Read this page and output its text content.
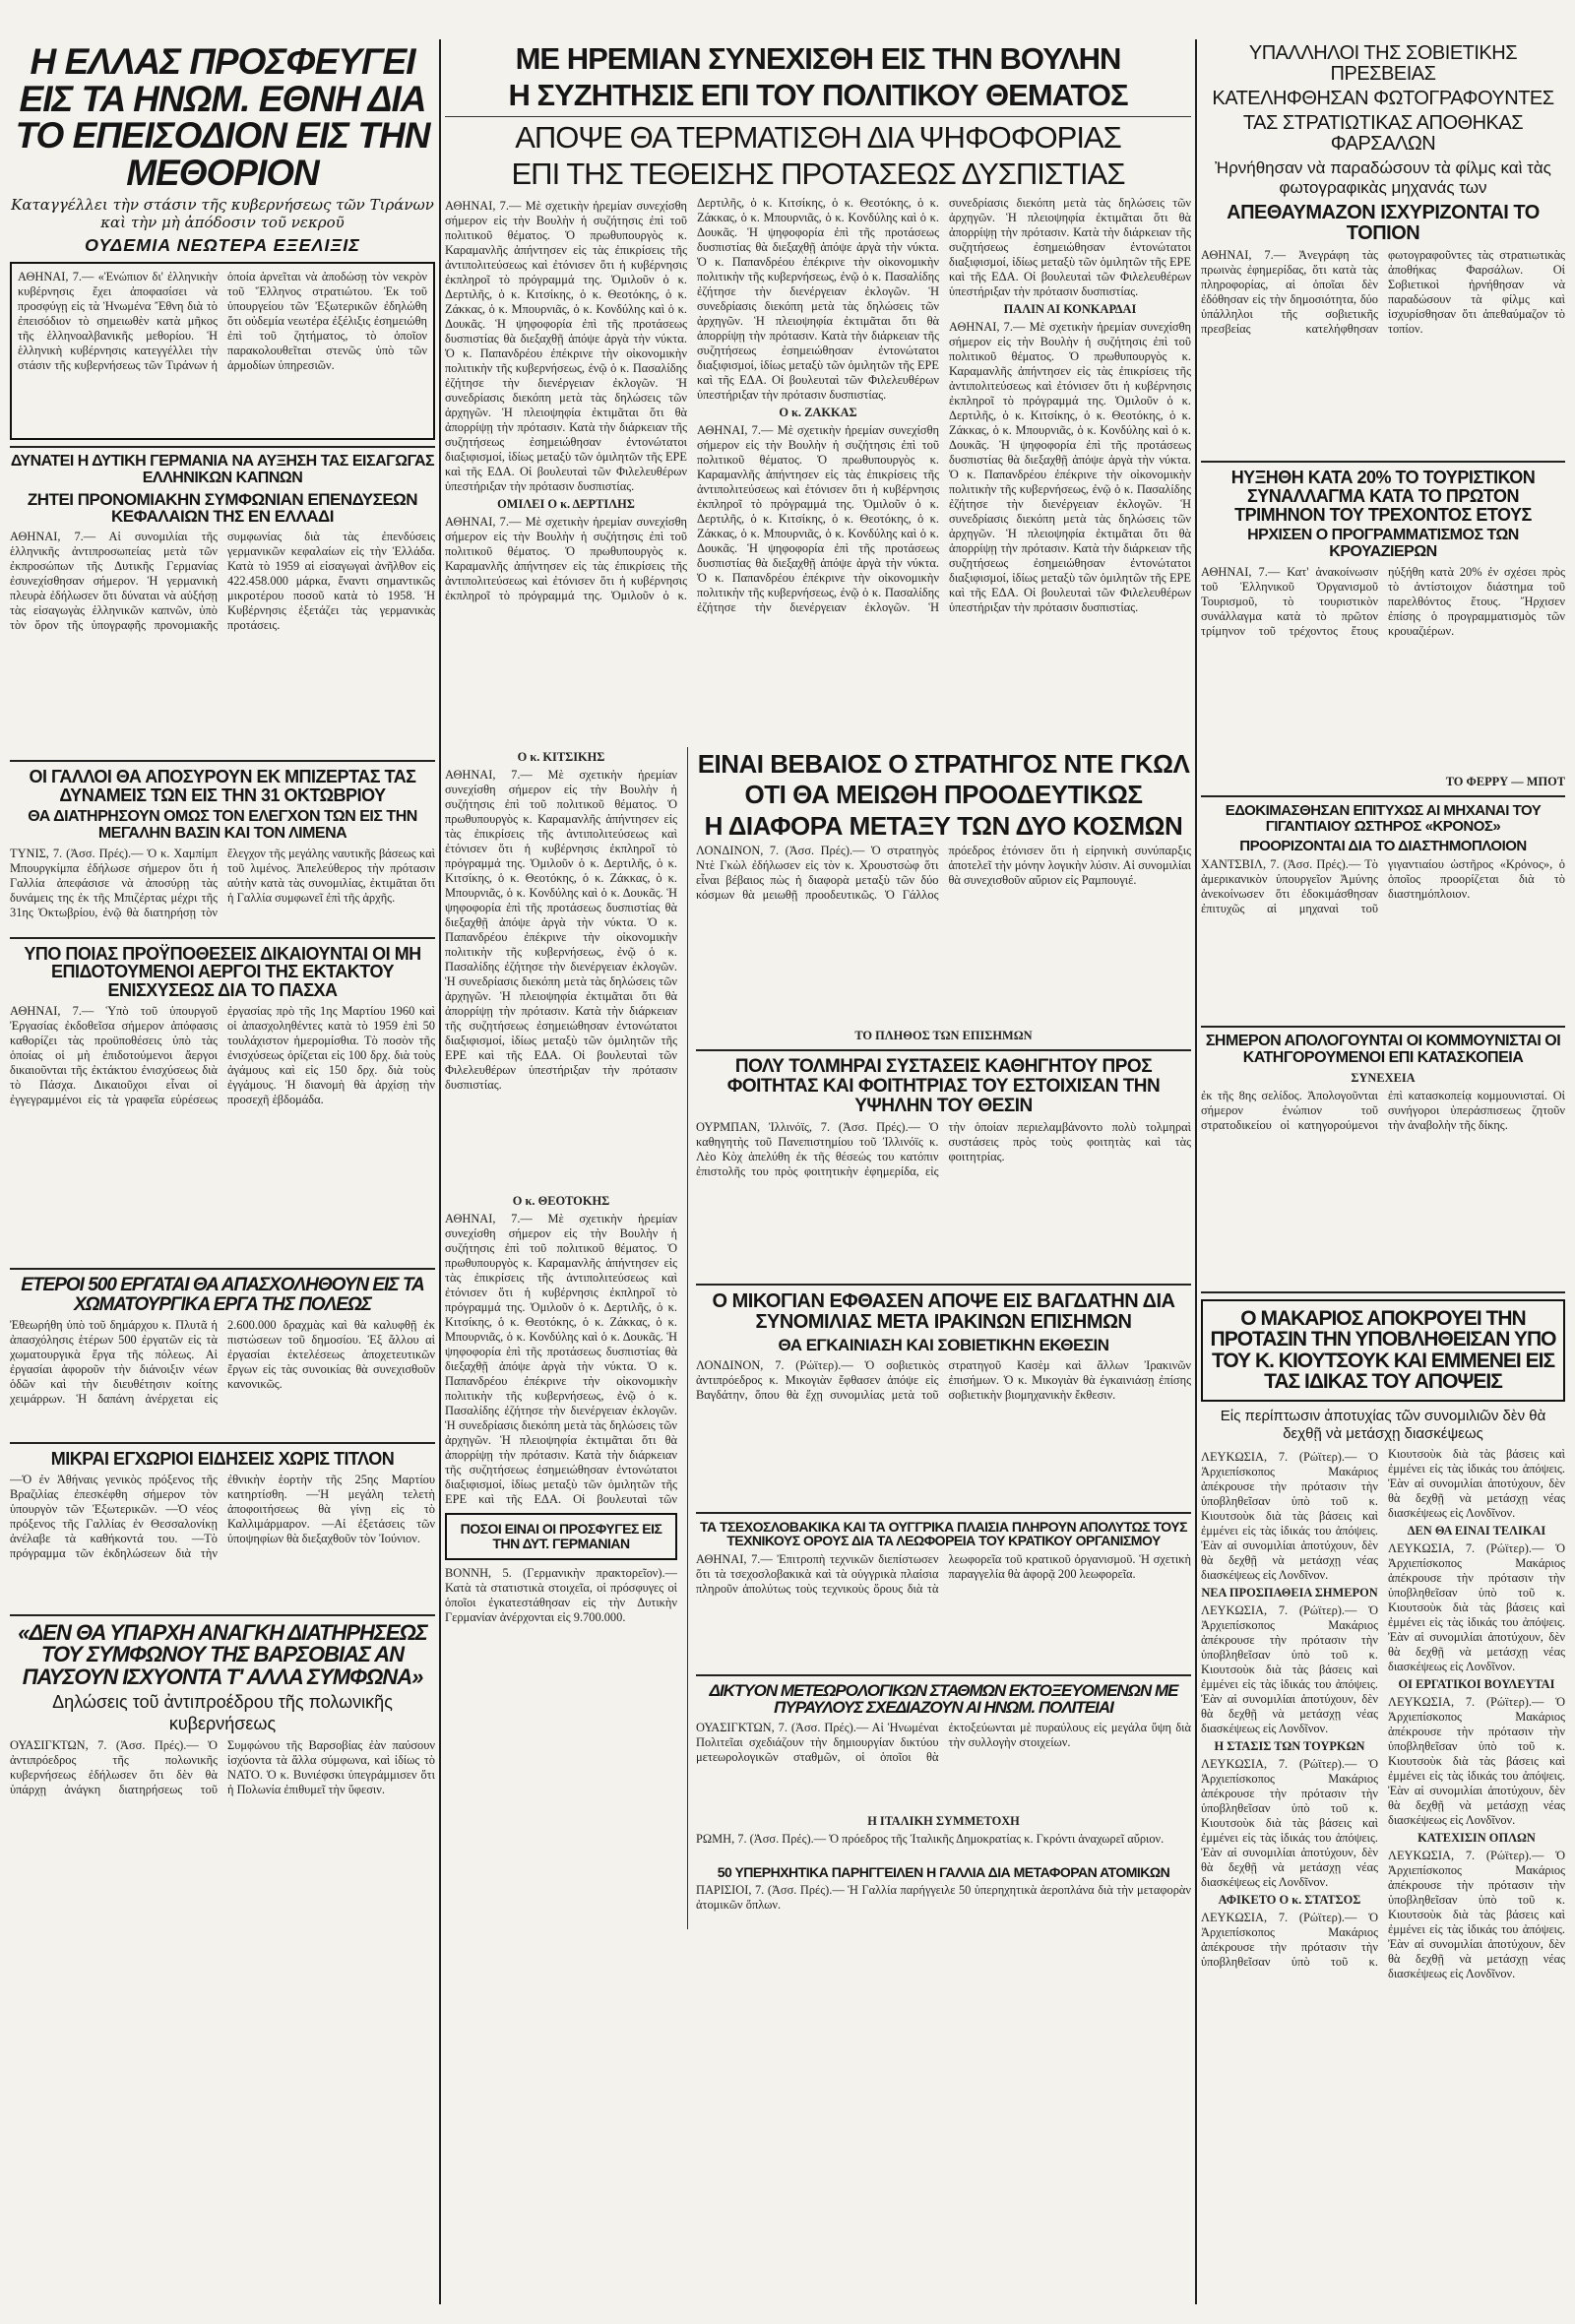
Η ΕΛΛΑΣ ΠΡΟΣΦΕΥΓΕΙ ΕΙΣ ΤΑ ΗΝΩΜ. ΕΘΝΗ ΔΙΑ ΤΟ ΕΠΕΙΣΟΔΙΟΝ ΕΙΣ ΤΗΝ ΜΕΘΟΡΙΟΝ
Καταγγέλλει τὴν στάσιν τῆς κυβερνήσεως τῶν Τιράνων καὶ τὴν μὴ ἀπόδοσιν τοῦ νεκροῦ
ΟΥΔΕΜΙΑ ΝΕΩΤΕΡΑ ΕΞΕΛΙΞΙΣ

ΑΘΗΝΑΙ, 7.— «Ἐνώπιον δι' ἐλληνικὴν κυβέρνησις ἔχει ἀποφασίσει νὰ προσφύγῃ εἰς τὰ Ἡνωμένα Ἔθνη διὰ τὸ ἐπεισόδιον τὸ σημειωθὲν κατὰ μῆκος τῆς ἑλληνοαλβανικῆς μεθορίου. Ἡ ἑλληνικὴ κυβέρνησις κατεγγέλλει τὴν στάσιν τῆς κυβερνήσεως τῶν Τιράνων ἡ ὁποία ἀρνεῖται νὰ ἀποδώσῃ τὸν νεκρὸν τοῦ Ἕλληνος στρατιώτου. Ἐκ τοῦ ὑπουργείου τῶν Ἐξωτερικῶν ἐδηλώθη ὅτι οὐδεμία νεωτέρα ἐξέλιξις ἐσημειώθη ἐπὶ τοῦ ζητήματος, τὸ ὁποῖον παρακολουθεῖται στενῶς ὑπὸ τῶν ἁρμοδίων ὑπηρεσιῶν.

ΔΥΝΑΤΕΙ Η ΔΥΤΙΚΗ ΓΕΡΜΑΝΙΑ ΝΑ ΑΥΞΗΣΗ ΤΑΣ ΕΙΣΑΓΩΓΑΣ ΕΛΛΗΝΙΚΩΝ ΚΑΠΝΩΝ
ΖΗΤΕΙ ΠΡΟΝΟΜΙΑΚΗΝ ΣΥΜΦΩΝΙΑΝ ΕΠΕΝΔΥΣΕΩΝ ΚΕΦΑΛΑΙΩΝ ΤΗΣ ΕΝ ΕΛΛΑΔΙ

ΑΘΗΝΑΙ, 7.— Αἱ συνομιλίαι τῆς ἑλληνικῆς ἀντιπροσωπείας μετὰ τῶν ἐκπροσώπων τῆς Δυτικῆς Γερμανίας ἐσυνεχίσθησαν σήμερον. Ἡ γερμανικὴ πλευρὰ ἐδήλωσεν ὅτι δύναται νὰ αὐξήσῃ τὰς εἰσαγωγὰς ἑλληνικῶν καπνῶν, ὑπὸ τὸν ὅρον τῆς ὑπογραφῆς προνομιακῆς συμφωνίας διὰ τὰς ἐπενδύσεις γερμανικῶν κεφαλαίων εἰς τὴν Ἑλλάδα. Κατὰ τὸ 1959 αἱ εἰσαγωγαὶ ἀνῆλθον εἰς 422.458.000 μάρκα, ἔναντι σημαντικῶς μικροτέρου ποσοῦ κατὰ τὸ 1958. Ἡ Κυβέρνησις ἐξετάζει τὰς γερμανικὰς προτάσεις.

ΟΙ ΓΑΛΛΟΙ ΘΑ ΑΠΟΣΥΡΟΥΝ ΕΚ ΜΠΙΖΕΡΤΑΣ ΤΑΣ ΔΥΝΑΜΕΙΣ ΤΩΝ ΕΙΣ ΤΗΝ 31 ΟΚΤΩΒΡΙΟΥ
ΘΑ ΔΙΑΤΗΡΗΣΟΥΝ ΟΜΩΣ ΤΟΝ ΕΛΕΓΧΟΝ ΤΩΝ ΕΙΣ ΤΗΝ ΜΕΓΑΛΗΝ ΒΑΣΙΝ ΚΑΙ ΤΟΝ ΛΙΜΕΝΑ

ΤΥΝΙΣ, 7. (Ἀσσ. Πρές).— Ὁ κ. Χαμπίμπ Μπουργκίμπα ἐδήλωσε σήμερον ὅτι ἡ Γαλλία ἀπεφάσισε νὰ ἀποσύρῃ τὰς δυνάμεις της ἐκ τῆς Μπιζέρτας μέχρι τῆς 31ης Ὀκτωβρίου, ἐνῷ θὰ διατηρήσῃ τὸν ἔλεγχον τῆς μεγάλης ναυτικῆς βάσεως καὶ τοῦ λιμένος. Ἀπελεύθερος τὴν πρότασιν αὐτὴν κατὰ τὰς συνομιλίας, ἐκτιμᾶται ὅτι ἡ Γαλλία συμφωνεῖ ἐπὶ τῆς ἀρχῆς.

ΥΠΟ ΠΟΙΑΣ ΠΡΟΫΠΟΘΕΣΕΙΣ ΔΙΚΑΙΟΥΝΤΑΙ ΟΙ ΜΗ ΕΠΙΔΟΤΟΥΜΕΝΟΙ ΑΕΡΓΟΙ ΤΗΣ ΕΚΤΑΚΤΟΥ ΕΝΙΣΧΥΣΕΩΣ ΔΙΑ ΤΟ ΠΑΣΧΑ

ΑΘΗΝΑΙ, 7.— Ὑπὸ τοῦ ὑπουργοῦ Ἐργασίας ἐκδοθεῖσα σήμερον ἀπόφασις καθορίζει τὰς προϋποθέσεις ὑπὸ τὰς ὁποίας οἱ μὴ ἐπιδοτούμενοι ἄεργοι δικαιοῦνται τῆς ἐκτάκτου ἐνισχύσεως διὰ τὸ Πάσχα. Δικαιοῦχοι εἶναι οἱ ἐγγεγραμμένοι εἰς τὰ γραφεῖα εὑρέσεως ἐργασίας πρὸ τῆς 1ης Μαρτίου 1960 καὶ οἱ ἀπασχοληθέντες κατὰ τὸ 1959 ἐπὶ 50 τουλάχιστον ἡμερομίσθια. Τὸ ποσὸν τῆς ἐνισχύσεως ὁρίζεται εἰς 100 δρχ. διὰ τοὺς ἀγάμους καὶ εἰς 150 δρχ. διὰ τοὺς ἐγγάμους. Ἡ διανομὴ θὰ ἀρχίσῃ τὴν προσεχῆ ἑβδομάδα.

ΕΤΕΡΟΙ 500 ΕΡΓΑΤΑΙ ΘΑ ΑΠΑΣΧΟΛΗΘΟΥΝ ΕΙΣ ΤΑ ΧΩΜΑΤΟΥΡΓΙΚΑ ΕΡΓΑ ΤΗΣ ΠΟΛΕΩΣ

Ἐθεωρήθη ὑπὸ τοῦ δημάρχου κ. Πλυτᾶ ἡ ἀπασχόλησις ἑτέρων 500 ἐργατῶν εἰς τὰ χωματουργικὰ ἔργα τῆς πόλεως. Αἱ ἐργασίαι ἀφοροῦν τὴν διάνοιξιν νέων ὁδῶν καὶ τὴν διευθέτησιν κοίτης χειμάρρων. Ἡ δαπάνη ἀνέρχεται εἰς 2.600.000 δραχμὰς καὶ θὰ καλυφθῇ ἐκ πιστώσεων τοῦ δημοσίου. Ἐξ ἄλλου αἱ ἐργασίαι ἐκτελέσεως ἀποχετευτικῶν ἔργων εἰς τὰς συνοικίας θὰ συνεχισθοῦν κανονικῶς.

ΜΙΚΡΑΙ ΕΓΧΩΡΙΟΙ ΕΙΔΗΣΕΙΣ ΧΩΡΙΣ ΤΙΤΛΟΝ

—Ὁ ἐν Ἀθήναις γενικὸς πρόξενος τῆς Βραζιλίας ἐπεσκέφθη σήμερον τὸν ὑπουργὸν τῶν Ἐξωτερικῶν. —Ὁ νέος πρόξενος τῆς Γαλλίας ἐν Θεσσαλονίκῃ ἀνέλαβε τὰ καθήκοντά του. —Τὸ πρόγραμμα τῶν ἐκδηλώσεων διὰ τὴν ἐθνικὴν ἑορτὴν τῆς 25ης Μαρτίου κατηρτίσθη. —Ἡ μεγάλη τελετὴ ἀποφοιτήσεως θὰ γίνῃ εἰς τὸ Καλλιμάρμαρον. —Αἱ ἐξετάσεις τῶν ὑποψηφίων θὰ διεξαχθοῦν τὸν Ἰούνιον.

«ΔΕΝ ΘΑ ΥΠΑΡΧΗ ΑΝΑΓΚΗ ΔΙΑΤΗΡΗΣΕΩΣ ΤΟΥ ΣΥΜΦΩΝΟΥ ΤΗΣ ΒΑΡΣΟΒΙΑΣ ΑΝ ΠΑΥΣΟΥΝ ΙΣΧΥΟΝΤΑ Τ' ΑΛΛΑ ΣΥΜΦΩΝΑ»
Δηλώσεις τοῦ ἀντιπροέδρου τῆς πολωνικῆς κυβερνήσεως

ΟΥΑΣΙΓΚΤΩΝ, 7. (Ἀσσ. Πρές).— Ὁ ἀντιπρόεδρος τῆς πολωνικῆς κυβερνήσεως ἐδήλωσεν ὅτι δὲν θὰ ὑπάρχῃ ἀνάγκη διατηρήσεως τοῦ Συμφώνου τῆς Βαρσοβίας ἐὰν παύσουν ἰσχύοντα τὰ ἄλλα σύμφωνα, καὶ ἰδίως τὸ ΝΑΤΟ. Ὁ κ. Βυνιέφσκι ὑπεγράμμισεν ὅτι ἡ Πολωνία ἐπιθυμεῖ τὴν ὕφεσιν.

ΜΕ ΗΡΕΜΙΑΝ ΣΥΝΕΧΙΣΘΗ ΕΙΣ ΤΗΝ ΒΟΥΛΗΝ
Η ΣΥΖΗΤΗΣΙΣ ΕΠΙ ΤΟΥ ΠΟΛΙΤΙΚΟΥ ΘΕΜΑΤΟΣ
ΑΠΟΨΕ ΘΑ ΤΕΡΜΑΤΙΣΘΗ ΔΙΑ ΨΗΦΟΦΟΡΙΑΣ
ΕΠΙ ΤΗΣ ΤΕΘΕΙΣΗΣ ΠΡΟΤΑΣΕΩΣ ΔΥΣΠΙΣΤΙΑΣ

ΑΘΗΝΑΙ, 7.— Μὲ σχετικὴν ἠρεμίαν συνεχίσθη σήμερον εἰς τὴν Βουλὴν ἡ συζήτησις ἐπὶ τοῦ πολιτικοῦ θέματος. Ὁ πρωθυπουργὸς κ. Καραμανλῆς ἀπήντησεν εἰς τὰς ἐπικρίσεις τῆς ἀντιπολιτεύσεως καὶ ἐτόνισεν ὅτι ἡ κυβέρνησις ἐκπληροῖ τὸ πρόγραμμά της. Ὁμιλοῦν ὁ κ. Δερτιλῆς, ὁ κ. Κιτσίκης, ὁ κ. Θεοτόκης, ὁ κ. Ζάκκας, ὁ κ. Μπουρνιᾶς, ὁ κ. Κονδύλης καὶ ὁ κ. Δουκᾶς. Ἡ ψηφοφορία ἐπὶ τῆς προτάσεως δυσπιστίας θὰ διεξαχθῇ ἀπόψε ἀργὰ τὴν νύκτα. Ὁ κ. Παπανδρέου ἐπέκρινε τὴν οἰκονομικὴν πολιτικὴν τῆς κυβερνήσεως, ἐνῷ ὁ κ. Πασαλίδης ἐζήτησε τὴν διενέργειαν ἐκλογῶν. Ἡ συνεδρίασις διεκόπη μετὰ τὰς δηλώσεις τῶν ἀρχηγῶν. Ἡ πλειοψηφία ἐκτιμᾶται ὅτι θὰ ἀπορρίψῃ τὴν πρότασιν. Κατὰ τὴν διάρκειαν τῆς συζητήσεως ἐσημειώθησαν ἐντονώτατοι διαξιφισμοί, ἰδίως μεταξὺ τῶν ὁμιλητῶν τῆς ΕΡΕ καὶ τῆς ΕΔΑ. Οἱ βουλευταὶ τῶν Φιλελευθέρων ὑπεστήριξαν τὴν πρότασιν δυσπιστίας.

ΟΜΙΛΕΙ Ο κ. ΔΕΡΤΙΛΗΣ

ΑΘΗΝΑΙ, 7.— Μὲ σχετικὴν ἠρεμίαν συνεχίσθη σήμερον εἰς τὴν Βουλὴν ἡ συζήτησις ἐπὶ τοῦ πολιτικοῦ θέματος. Ὁ πρωθυπουργὸς κ. Καραμανλῆς ἀπήντησεν εἰς τὰς ἐπικρίσεις τῆς ἀντιπολιτεύσεως καὶ ἐτόνισεν ὅτι ἡ κυβέρνησις ἐκπληροῖ τὸ πρόγραμμά της. Ὁμιλοῦν ὁ κ. Δερτιλῆς, ὁ κ. Κιτσίκης, ὁ κ. Θεοτόκης, ὁ κ. Ζάκκας, ὁ κ. Μπουρνιᾶς, ὁ κ. Κονδύλης καὶ ὁ κ. Δουκᾶς. Ἡ ψηφοφορία ἐπὶ τῆς προτάσεως δυσπιστίας θὰ διεξαχθῇ ἀπόψε ἀργὰ τὴν νύκτα. Ὁ κ. Παπανδρέου ἐπέκρινε τὴν οἰκονομικὴν πολιτικὴν τῆς κυβερνήσεως, ἐνῷ ὁ κ. Πασαλίδης ἐζήτησε τὴν διενέργειαν ἐκλογῶν. Ἡ συνεδρίασις διεκόπη μετὰ τὰς δηλώσεις τῶν ἀρχηγῶν. Ἡ πλειοψηφία ἐκτιμᾶται ὅτι θὰ ἀπορρίψῃ τὴν πρότασιν. Κατὰ τὴν διάρκειαν τῆς συζητήσεως ἐσημειώθησαν ἐντονώτατοι διαξιφισμοί, ἰδίως μεταξὺ τῶν ὁμιλητῶν τῆς ΕΡΕ καὶ τῆς ΕΔΑ. Οἱ βουλευταὶ τῶν Φιλελευθέρων ὑπεστήριξαν τὴν πρότασιν δυσπιστίας.

Ο κ. ΖΑΚΚΑΣ

ΑΘΗΝΑΙ, 7.— Μὲ σχετικὴν ἠρεμίαν συνεχίσθη σήμερον εἰς τὴν Βουλὴν ἡ συζήτησις ἐπὶ τοῦ πολιτικοῦ θέματος. Ὁ πρωθυπουργὸς κ. Καραμανλῆς ἀπήντησεν εἰς τὰς ἐπικρίσεις τῆς ἀντιπολιτεύσεως καὶ ἐτόνισεν ὅτι ἡ κυβέρνησις ἐκπληροῖ τὸ πρόγραμμά της. Ὁμιλοῦν ὁ κ. Δερτιλῆς, ὁ κ. Κιτσίκης, ὁ κ. Θεοτόκης, ὁ κ. Ζάκκας, ὁ κ. Μπουρνιᾶς, ὁ κ. Κονδύλης καὶ ὁ κ. Δουκᾶς. Ἡ ψηφοφορία ἐπὶ τῆς προτάσεως δυσπιστίας θὰ διεξαχθῇ ἀπόψε ἀργὰ τὴν νύκτα. Ὁ κ. Παπανδρέου ἐπέκρινε τὴν οἰκονομικὴν πολιτικὴν τῆς κυβερνήσεως, ἐνῷ ὁ κ. Πασαλίδης ἐζήτησε τὴν διενέργειαν ἐκλογῶν. Ἡ συνεδρίασις διεκόπη μετὰ τὰς δηλώσεις τῶν ἀρχηγῶν. Ἡ πλειοψηφία ἐκτιμᾶται ὅτι θὰ ἀπορρίψῃ τὴν πρότασιν. Κατὰ τὴν διάρκειαν τῆς συζητήσεως ἐσημειώθησαν ἐντονώτατοι διαξιφισμοί, ἰδίως μεταξὺ τῶν ὁμιλητῶν τῆς ΕΡΕ καὶ τῆς ΕΔΑ. Οἱ βουλευταὶ τῶν Φιλελευθέρων ὑπεστήριξαν τὴν πρότασιν δυσπιστίας.

ΠΑΛΙΝ ΑΙ ΚΟΝΚΑΡΔΑΙ

ΑΘΗΝΑΙ, 7.— Μὲ σχετικὴν ἠρεμίαν συνεχίσθη σήμερον εἰς τὴν Βουλὴν ἡ συζήτησις ἐπὶ τοῦ πολιτικοῦ θέματος. Ὁ πρωθυπουργὸς κ. Καραμανλῆς ἀπήντησεν εἰς τὰς ἐπικρίσεις τῆς ἀντιπολιτεύσεως καὶ ἐτόνισεν ὅτι ἡ κυβέρνησις ἐκπληροῖ τὸ πρόγραμμά της. Ὁμιλοῦν ὁ κ. Δερτιλῆς, ὁ κ. Κιτσίκης, ὁ κ. Θεοτόκης, ὁ κ. Ζάκκας, ὁ κ. Μπουρνιᾶς, ὁ κ. Κονδύλης καὶ ὁ κ. Δουκᾶς. Ἡ ψηφοφορία ἐπὶ τῆς προτάσεως δυσπιστίας θὰ διεξαχθῇ ἀπόψε ἀργὰ τὴν νύκτα. Ὁ κ. Παπανδρέου ἐπέκρινε τὴν οἰκονομικὴν πολιτικὴν τῆς κυβερνήσεως, ἐνῷ ὁ κ. Πασαλίδης ἐζήτησε τὴν διενέργειαν ἐκλογῶν. Ἡ συνεδρίασις διεκόπη μετὰ τὰς δηλώσεις τῶν ἀρχηγῶν. Ἡ πλειοψηφία ἐκτιμᾶται ὅτι θὰ ἀπορρίψῃ τὴν πρότασιν. Κατὰ τὴν διάρκειαν τῆς συζητήσεως ἐσημειώθησαν ἐντονώτατοι διαξιφισμοί, ἰδίως μεταξὺ τῶν ὁμιλητῶν τῆς ΕΡΕ καὶ τῆς ΕΔΑ. Οἱ βουλευταὶ τῶν Φιλελευθέρων ὑπεστήριξαν τὴν πρότασιν δυσπιστίας.

Ο κ. ΚΙΤΣΙΚΗΣ

ΑΘΗΝΑΙ, 7.— Μὲ σχετικὴν ἠρεμίαν συνεχίσθη σήμερον εἰς τὴν Βουλὴν ἡ συζήτησις ἐπὶ τοῦ πολιτικοῦ θέματος. Ὁ πρωθυπουργὸς κ. Καραμανλῆς ἀπήντησεν εἰς τὰς ἐπικρίσεις τῆς ἀντιπολιτεύσεως καὶ ἐτόνισεν ὅτι ἡ κυβέρνησις ἐκπληροῖ τὸ πρόγραμμά της. Ὁμιλοῦν ὁ κ. Δερτιλῆς, ὁ κ. Κιτσίκης, ὁ κ. Θεοτόκης, ὁ κ. Ζάκκας, ὁ κ. Μπουρνιᾶς, ὁ κ. Κονδύλης καὶ ὁ κ. Δουκᾶς. Ἡ ψηφοφορία ἐπὶ τῆς προτάσεως δυσπιστίας θὰ διεξαχθῇ ἀπόψε ἀργὰ τὴν νύκτα. Ὁ κ. Παπανδρέου ἐπέκρινε τὴν οἰκονομικὴν πολιτικὴν τῆς κυβερνήσεως, ἐνῷ ὁ κ. Πασαλίδης ἐζήτησε τὴν διενέργειαν ἐκλογῶν. Ἡ συνεδρίασις διεκόπη μετὰ τὰς δηλώσεις τῶν ἀρχηγῶν. Ἡ πλειοψηφία ἐκτιμᾶται ὅτι θὰ ἀπορρίψῃ τὴν πρότασιν. Κατὰ τὴν διάρκειαν τῆς συζητήσεως ἐσημειώθησαν ἐντονώτατοι διαξιφισμοί, ἰδίως μεταξὺ τῶν ὁμιλητῶν τῆς ΕΡΕ καὶ τῆς ΕΔΑ. Οἱ βουλευταὶ τῶν Φιλελευθέρων ὑπεστήριξαν τὴν πρότασιν δυσπιστίας.

Ο κ. ΘΕΟΤΟΚΗΣ

ΑΘΗΝΑΙ, 7.— Μὲ σχετικὴν ἠρεμίαν συνεχίσθη σήμερον εἰς τὴν Βουλὴν ἡ συζήτησις ἐπὶ τοῦ πολιτικοῦ θέματος. Ὁ πρωθυπουργὸς κ. Καραμανλῆς ἀπήντησεν εἰς τὰς ἐπικρίσεις τῆς ἀντιπολιτεύσεως καὶ ἐτόνισεν ὅτι ἡ κυβέρνησις ἐκπληροῖ τὸ πρόγραμμά της. Ὁμιλοῦν ὁ κ. Δερτιλῆς, ὁ κ. Κιτσίκης, ὁ κ. Θεοτόκης, ὁ κ. Ζάκκας, ὁ κ. Μπουρνιᾶς, ὁ κ. Κονδύλης καὶ ὁ κ. Δουκᾶς. Ἡ ψηφοφορία ἐπὶ τῆς προτάσεως δυσπιστίας θὰ διεξαχθῇ ἀπόψε ἀργὰ τὴν νύκτα. Ὁ κ. Παπανδρέου ἐπέκρινε τὴν οἰκονομικὴν πολιτικὴν τῆς κυβερνήσεως, ἐνῷ ὁ κ. Πασαλίδης ἐζήτησε τὴν διενέργειαν ἐκλογῶν. Ἡ συνεδρίασις διεκόπη μετὰ τὰς δηλώσεις τῶν ἀρχηγῶν. Ἡ πλειοψηφία ἐκτιμᾶται ὅτι θὰ ἀπορρίψῃ τὴν πρότασιν. Κατὰ τὴν διάρκειαν τῆς συζητήσεως ἐσημειώθησαν ἐντονώτατοι διαξιφισμοί, ἰδίως μεταξὺ τῶν ὁμιλητῶν τῆς ΕΡΕ καὶ τῆς ΕΔΑ. Οἱ βουλευταὶ τῶν

ΠΟΣΟΙ ΕΙΝΑΙ ΟΙ ΠΡΟΣΦΥΓΕΣ ΕΙΣ ΤΗΝ ΔΥΤ. ΓΕΡΜΑΝΙΑΝ

ΒΟΝΝΗ, 5. (Γερμανικὴν πρακτορεῖον).— Κατὰ τὰ στατιστικὰ στοιχεῖα, οἱ πρόσφυγες οἱ ὁποῖοι ἐγκατεστάθησαν εἰς τὴν Δυτικὴν Γερμανίαν ἀνέρχονται εἰς 9.700.000.

ΕΙΝΑΙ ΒΕΒΑΙΟΣ Ο ΣΤΡΑΤΗΓΟΣ ΝΤΕ ΓΚΩΛ
ΟΤΙ ΘΑ ΜΕΙΩΘΗ ΠΡΟΟΔΕΥΤΙΚΩΣ
Η ΔΙΑΦΟΡΑ ΜΕΤΑΞΥ ΤΩΝ ΔΥΟ ΚΟΣΜΩΝ

ΛΟΝΔΙΝΟΝ, 7. (Ἀσσ. Πρές).— Ὁ στρατηγὸς Ντὲ Γκὼλ ἐδήλωσεν εἰς τὸν κ. Χρουστσὼφ ὅτι εἶναι βέβαιος πὼς ἡ διαφορὰ μεταξὺ τῶν δύο κόσμων θὰ μειωθῇ προοδευτικῶς. Ὁ Γάλλος πρόεδρος ἐτόνισεν ὅτι ἡ εἰρηνικὴ συνύπαρξις ἀποτελεῖ τὴν μόνην λογικὴν λύσιν. Αἱ συνομιλίαι θὰ συνεχισθοῦν αὔριον εἰς Ραμπουγιέ.

ΤΟ ΠΛΗΘΟΣ ΤΩΝ ΕΠΙΣΗΜΩΝ

ΠΟΛΥ ΤΟΛΜΗΡΑΙ ΣΥΣΤΑΣΕΙΣ ΚΑΘΗΓΗΤΟΥ ΠΡΟΣ ΦΟΙΤΗΤΑΣ ΚΑΙ ΦΟΙΤΗΤΡΙΑΣ ΤΟΥ ΕΣΤΟΙΧΙΣΑΝ ΤΗΝ ΥΨΗΛΗΝ ΤΟΥ ΘΕΣΙΝ

ΟΥΡΜΠΑΝ, Ἰλλινόϊς, 7. (Ἀσσ. Πρές).— Ὁ καθηγητὴς τοῦ Πανεπιστημίου τοῦ Ἰλλινόϊς κ. Λὲο Κὸχ ἀπελύθη ἐκ τῆς θέσεώς του κατόπιν ἐπιστολῆς του πρὸς φοιτητικὴν ἐφημερίδα, εἰς τὴν ὁποίαν περιελαμβάνοντο πολὺ τολμηραὶ συστάσεις πρὸς τοὺς φοιτητὰς καὶ τὰς φοιτητρίας.

Ο ΜΙΚΟΓΙΑΝ ΕΦΘΑΣΕΝ ΑΠΟΨΕ ΕΙΣ ΒΑΓΔΑΤΗΝ ΔΙΑ ΣΥΝΟΜΙΛΙΑΣ ΜΕΤΑ ΙΡΑΚΙΝΩΝ ΕΠΙΣΗΜΩΝ
ΘΑ ΕΓΚΑΙΝΙΑΣΗ ΚΑΙ ΣΟΒΙΕΤΙΚΗΝ ΕΚΘΕΣΙΝ

ΛΟΝΔΙΝΟΝ, 7. (Ρώϊτερ).— Ὁ σοβιετικὸς ἀντιπρόεδρος κ. Μικογιὰν ἔφθασεν ἀπόψε εἰς Βαγδάτην, ὅπου θὰ ἔχῃ συνομιλίας μετὰ τοῦ στρατηγοῦ Κασὲμ καὶ ἄλλων Ἰρακινῶν ἐπισήμων. Ὁ κ. Μικογιὰν θὰ ἐγκαινιάσῃ ἐπίσης σοβιετικὴν βιομηχανικὴν ἔκθεσιν.

ΤΑ ΤΣΕΧΟΣΛΟΒΑΚΙΚΑ ΚΑΙ ΤΑ ΟΥΓΓΡΙΚΑ ΠΛΑΙΣΙΑ ΠΛΗΡΟΥΝ ΑΠΟΛΥΤΩΣ ΤΟΥΣ ΤΕΧΝΙΚΟΥΣ ΟΡΟΥΣ ΔΙΑ ΤΑ ΛΕΩΦΟΡΕΙΑ ΤΟΥ ΚΡΑΤΙΚΟΥ ΟΡΓΑΝΙΣΜΟΥ

ΑΘΗΝΑΙ, 7.— Ἐπιτροπὴ τεχνικῶν διεπίστωσεν ὅτι τὰ τσεχοσλοβακικὰ καὶ τὰ οὑγγρικὰ πλαίσια πληροῦν ἀπολύτως τοὺς τεχνικοὺς ὅρους διὰ τὰ λεωφορεῖα τοῦ κρατικοῦ ὀργανισμοῦ. Ἡ σχετικὴ παραγγελία θὰ ἀφορᾷ 200 λεωφορεῖα.

ΔΙΚΤΥΟΝ ΜΕΤΕΩΡΟΛΟΓΙΚΩΝ ΣΤΑΘΜΩΝ ΕΚΤΟΞΕΥΟΜΕΝΩΝ ΜΕ ΠΥΡΑΥΛΟΥΣ ΣΧΕΔΙΑΖΟΥΝ ΑΙ ΗΝΩΜ. ΠΟΛΙΤΕΙΑΙ

ΟΥΑΣΙΓΚΤΩΝ, 7. (Ἀσσ. Πρές).— Αἱ Ἡνωμέναι Πολιτεῖαι σχεδιάζουν τὴν δημιουργίαν δικτύου μετεωρολογικῶν σταθμῶν, οἱ ὁποῖοι θὰ ἐκτοξεύωνται μὲ πυραύλους εἰς μεγάλα ὕψη διὰ τὴν συλλογὴν στοιχείων.

Η ΙΤΑΛΙΚΗ ΣΥΜΜΕΤΟΧΗ

ΡΩΜΗ, 7. (Ἀσσ. Πρές).— Ὁ πρόεδρος τῆς Ἰταλικῆς Δημοκρατίας κ. Γκρόντι ἀναχωρεῖ αὔριον.

50 ΥΠΕΡΗΧΗΤΙΚΑ ΠΑΡΗΓΓΕΙΛΕΝ Η ΓΑΛΛΙΑ ΔΙΑ ΜΕΤΑΦΟΡΑΝ ΑΤΟΜΙΚΩΝ

ΠΑΡΙΣΙΟΙ, 7. (Ἀσσ. Πρές).— Ἡ Γαλλία παρήγγειλε 50 ὑπερηχητικὰ ἀεροπλάνα διὰ τὴν μεταφορὰν ἀτομικῶν ὅπλων.

ΥΠΑΛΛΗΛΟΙ ΤΗΣ ΣΟΒΙΕΤΙΚΗΣ ΠΡΕΣΒΕΙΑΣ
ΚΑΤΕΛΗΦΘΗΣΑΝ ΦΩΤΟΓΡΑΦΟΥΝΤΕΣ
ΤΑΣ ΣΤΡΑΤΙΩΤΙΚΑΣ ΑΠΟΘΗΚΑΣ ΦΑΡΣΑΛΩΝ
Ἠρνήθησαν νὰ παραδώσουν τὰ φίλμς καὶ τὰς φωτογραφικὰς μηχανάς των
ΑΠΕΘΑΥΜΑΖΟΝ ΙΣΧΥΡΙΖΟΝΤΑΙ ΤΟ ΤΟΠΙΟΝ

ΑΘΗΝΑΙ, 7.— Ἀνεγράφη τὰς πρωινὰς ἐφημερίδας, ὅτι κατὰ τὰς πληροφορίας, αἱ ὁποῖαι δὲν ἐδόθησαν εἰς τὴν δημοσιότητα, δύο ὑπάλληλοι τῆς σοβιετικῆς πρεσβείας κατελήφθησαν φωτογραφοῦντες τὰς στρατιωτικὰς ἀποθήκας Φαρσάλων. Οἱ Σοβιετικοὶ ἠρνήθησαν νὰ παραδώσουν τὰ φίλμς καὶ ἰσχυρίσθησαν ὅτι ἀπεθαύμαζον τὸ τοπίον.

ΗΥΞΗΘΗ ΚΑΤΑ 20% ΤΟ ΤΟΥΡΙΣΤΙΚΟΝ ΣΥΝΑΛΛΑΓΜΑ ΚΑΤΑ ΤΟ ΠΡΩΤΟΝ ΤΡΙΜΗΝΟΝ ΤΟΥ ΤΡΕΧΟΝΤΟΣ ΕΤΟΥΣ
ΗΡΧΙΣΕΝ Ο ΠΡΟΓΡΑΜΜΑΤΙΣΜΟΣ ΤΩΝ ΚΡΟΥΑΖΙΕΡΩΝ

ΑΘΗΝΑΙ, 7.— Κατ' ἀνακοίνωσιν τοῦ Ἑλληνικοῦ Ὀργανισμοῦ Τουρισμοῦ, τὸ τουριστικὸν συνάλλαγμα κατὰ τὸ πρῶτον τρίμηνον τοῦ τρέχοντος ἔτους ηὐξήθη κατὰ 20% ἐν σχέσει πρὸς τὸ ἀντίστοιχον διάστημα τοῦ παρελθόντος ἔτους. Ἤρχισεν ἐπίσης ὁ προγραμματισμὸς τῶν κρουαζιέρων.

ΤΟ ΦΕΡΡΥ — ΜΠΟΤ

ΕΔΟΚΙΜΑΣΘΗΣΑΝ ΕΠΙΤΥΧΩΣ ΑΙ ΜΗΧΑΝΑΙ ΤΟΥ ΓΙΓΑΝΤΙΑΙΟΥ ΩΣΤΗΡΟΣ «ΚΡΟΝΟΣ»
ΠΡΟΟΡΙΖΟΝΤΑΙ ΔΙΑ ΤΟ ΔΙΑΣΤΗΜΟΠΛΟΙΟΝ

ΧΑΝΤΣΒΙΛ, 7. (Ἀσσ. Πρές).— Τὸ ἀμερικανικὸν ὑπουργεῖον Ἀμύνης ἀνεκοίνωσεν ὅτι ἐδοκιμάσθησαν ἐπιτυχῶς αἱ μηχαναὶ τοῦ γιγαντιαίου ὠστῆρος «Κρόνος», ὁ ὁποῖος προορίζεται διὰ τὸ διαστημόπλοιον.

ΣΗΜΕΡΟΝ ΑΠΟΛΟΓΟΥΝΤΑΙ ΟΙ ΚΟΜΜΟΥΝΙΣΤΑΙ ΟΙ ΚΑΤΗΓΟΡΟΥΜΕΝΟΙ ΕΠΙ ΚΑΤΑΣΚΟΠΕΙΑ

ΣΥΝΕΧΕΙΑ

ἐκ τῆς 8ης σελίδος. Ἀπολογοῦνται σήμερον ἐνώπιον τοῦ στρατοδικείου οἱ κατηγορούμενοι ἐπὶ κατασκοπείᾳ κομμουνισταί. Οἱ συνήγοροι ὑπεράσπισεως ζητοῦν τὴν ἀναβολὴν τῆς δίκης.

Ο ΜΑΚΑΡΙΟΣ ΑΠΟΚΡΟΥΕΙ ΤΗΝ ΠΡΟΤΑΣΙΝ ΤΗΝ ΥΠΟΒΛΗΘΕΙΣΑΝ ΥΠΟ ΤΟΥ Κ. ΚΙΟΥΤΣΟΥΚ ΚΑΙ ΕΜΜΕΝΕΙ ΕΙΣ ΤΑΣ ΙΔΙΚΑΣ ΤΟΥ ΑΠΟΨΕΙΣ
Εἰς περίπτωσιν ἀποτυχίας τῶν συνομιλιῶν δὲν θὰ δεχθῇ νὰ μετάσχῃ διασκέψεως

ΛΕΥΚΩΣΙΑ, 7. (Ρώϊτερ).— Ὁ Ἀρχιεπίσκοπος Μακάριος ἀπέκρουσε τὴν πρότασιν τὴν ὑποβληθεῖσαν ὑπὸ τοῦ κ. Κιουτσοὺκ διὰ τὰς βάσεις καὶ ἐμμένει εἰς τὰς ἰδικάς του ἀπόψεις. Ἐὰν αἱ συνομιλίαι ἀποτύχουν, δὲν θὰ δεχθῇ νὰ μετάσχῃ νέας διασκέψεως εἰς Λονδῖνον.

ΝΕΑ ΠΡΟΣΠΑΘΕΙΑ ΣΗΜΕΡΟΝ

ΛΕΥΚΩΣΙΑ, 7. (Ρώϊτερ).— Ὁ Ἀρχιεπίσκοπος Μακάριος ἀπέκρουσε τὴν πρότασιν τὴν ὑποβληθεῖσαν ὑπὸ τοῦ κ. Κιουτσοὺκ διὰ τὰς βάσεις καὶ ἐμμένει εἰς τὰς ἰδικάς του ἀπόψεις. Ἐὰν αἱ συνομιλίαι ἀποτύχουν, δὲν θὰ δεχθῇ νὰ μετάσχῃ νέας διασκέψεως εἰς Λονδῖνον.

Η ΣΤΑΣΙΣ ΤΩΝ ΤΟΥΡΚΩΝ

ΛΕΥΚΩΣΙΑ, 7. (Ρώϊτερ).— Ὁ Ἀρχιεπίσκοπος Μακάριος ἀπέκρουσε τὴν πρότασιν τὴν ὑποβληθεῖσαν ὑπὸ τοῦ κ. Κιουτσοὺκ διὰ τὰς βάσεις καὶ ἐμμένει εἰς τὰς ἰδικάς του ἀπόψεις. Ἐὰν αἱ συνομιλίαι ἀποτύχουν, δὲν θὰ δεχθῇ νὰ μετάσχῃ νέας διασκέψεως εἰς Λονδῖνον.

ΑΦΙΚΕΤΟ Ο κ. ΣΤΑΤΣΟΣ

ΛΕΥΚΩΣΙΑ, 7. (Ρώϊτερ).— Ὁ Ἀρχιεπίσκοπος Μακάριος ἀπέκρουσε τὴν πρότασιν τὴν ὑποβληθεῖσαν ὑπὸ τοῦ κ. Κιουτσοὺκ διὰ τὰς βάσεις καὶ ἐμμένει εἰς τὰς ἰδικάς του ἀπόψεις. Ἐὰν αἱ συνομιλίαι ἀποτύχουν, δὲν θὰ δεχθῇ νὰ μετάσχῃ νέας διασκέψεως εἰς Λονδῖνον.

ΔΕΝ ΘΑ ΕΙΝΑΙ ΤΕΛΙΚΑΙ

ΛΕΥΚΩΣΙΑ, 7. (Ρώϊτερ).— Ὁ Ἀρχιεπίσκοπος Μακάριος ἀπέκρουσε τὴν πρότασιν τὴν ὑποβληθεῖσαν ὑπὸ τοῦ κ. Κιουτσοὺκ διὰ τὰς βάσεις καὶ ἐμμένει εἰς τὰς ἰδικάς του ἀπόψεις. Ἐὰν αἱ συνομιλίαι ἀποτύχουν, δὲν θὰ δεχθῇ νὰ μετάσχῃ νέας διασκέψεως εἰς Λονδῖνον.

ΟΙ ΕΡΓΑΤΙΚΟΙ ΒΟΥΛΕΥΤΑΙ

ΛΕΥΚΩΣΙΑ, 7. (Ρώϊτερ).— Ὁ Ἀρχιεπίσκοπος Μακάριος ἀπέκρουσε τὴν πρότασιν τὴν ὑποβληθεῖσαν ὑπὸ τοῦ κ. Κιουτσοὺκ διὰ τὰς βάσεις καὶ ἐμμένει εἰς τὰς ἰδικάς του ἀπόψεις. Ἐὰν αἱ συνομιλίαι ἀποτύχουν, δὲν θὰ δεχθῇ νὰ μετάσχῃ νέας διασκέψεως εἰς Λονδῖνον.

ΚΑΤΕΧΙΣΙΝ ΟΠΛΩΝ

ΛΕΥΚΩΣΙΑ, 7. (Ρώϊτερ).— Ὁ Ἀρχιεπίσκοπος Μακάριος ἀπέκρουσε τὴν πρότασιν τὴν ὑποβληθεῖσαν ὑπὸ τοῦ κ. Κιουτσοὺκ διὰ τὰς βάσεις καὶ ἐμμένει εἰς τὰς ἰδικάς του ἀπόψεις. Ἐὰν αἱ συνομιλίαι ἀποτύχουν, δὲν θὰ δεχθῇ νὰ μετάσχῃ νέας διασκέψεως εἰς Λονδῖνον.
